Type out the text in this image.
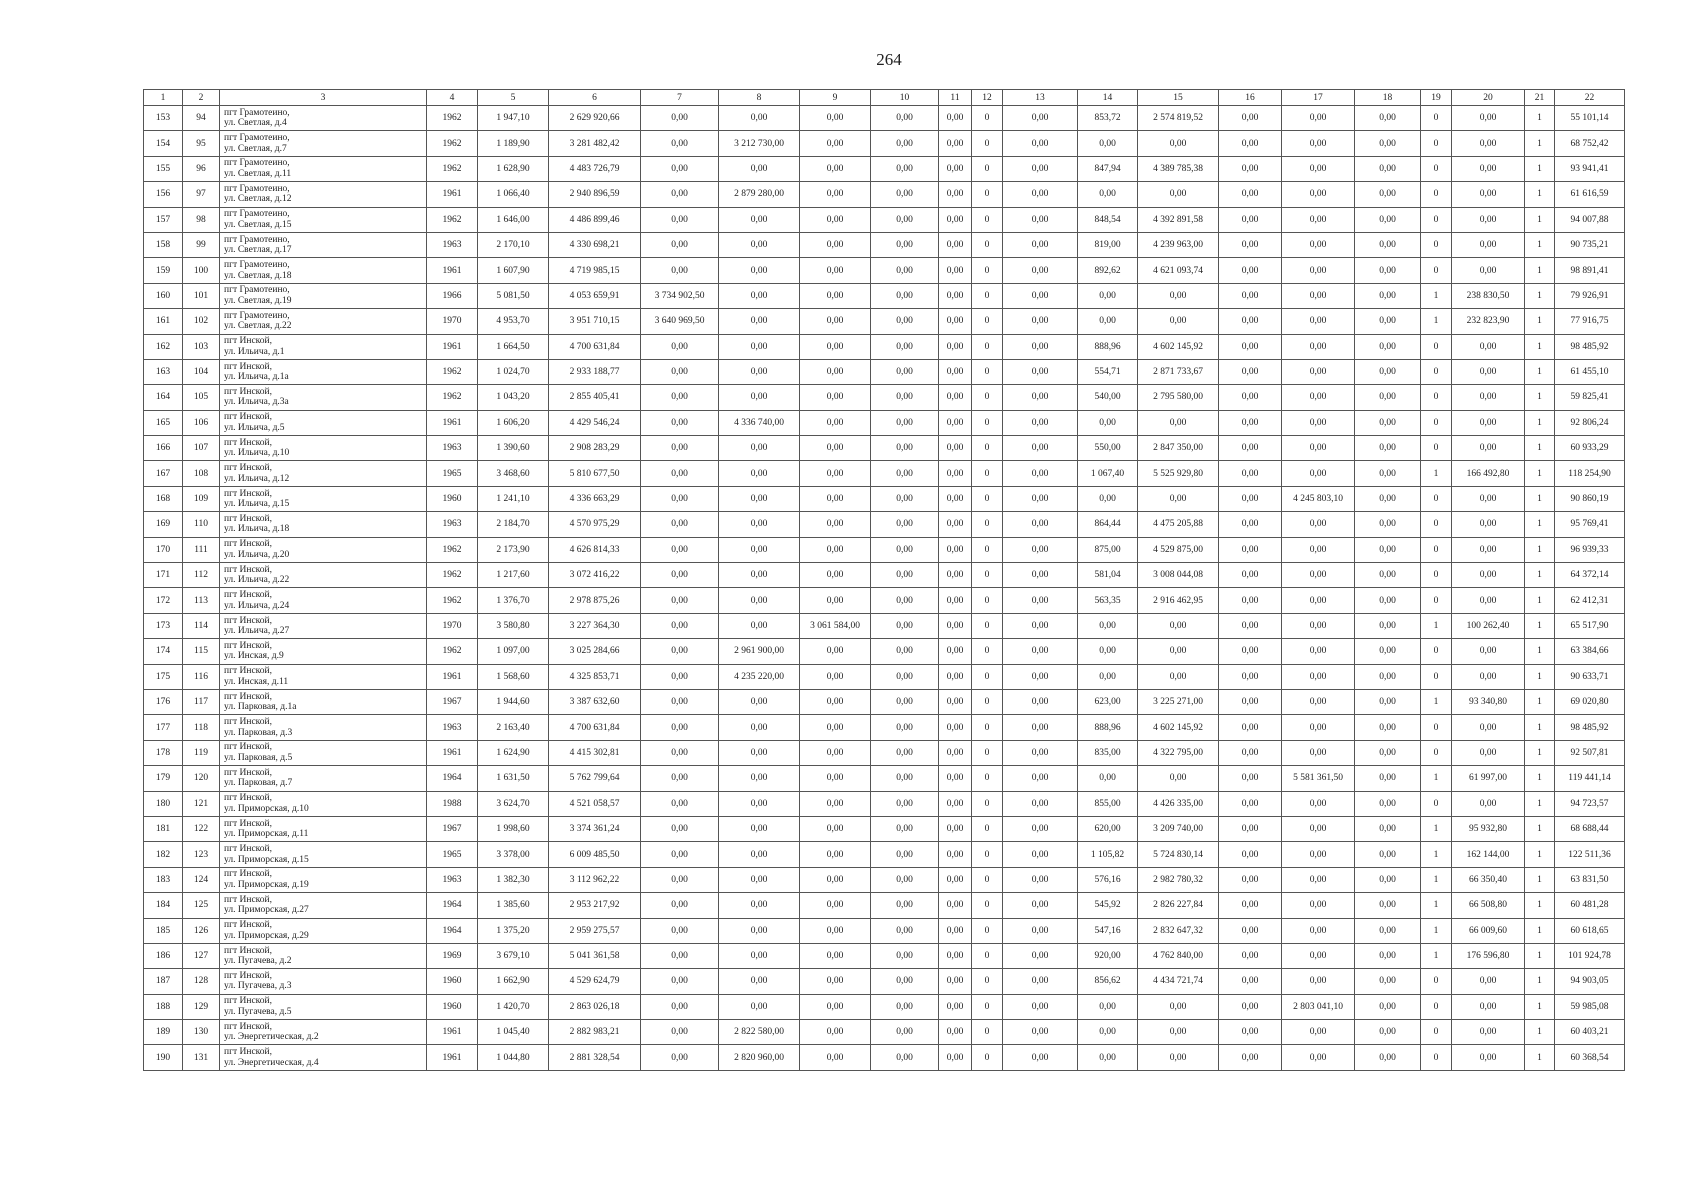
264
1	2	3	4	5	6	7	8	9	10	11	12	13	14	15	16	17	18	19	20	21	22
153	94	пгт Грамотеино,
ул. Светлая, д.4	1962	1 947,10	2 629 920,66	0,00	0,00	0,00	0,00	0,00	0	0,00	853,72	2 574 819,52	0,00	0,00	0,00	0	0,00	1	55 101,14
154	95	пгт Грамотеино,
ул. Светлая, д.7	1962	1 189,90	3 281 482,42	0,00	3 212 730,00	0,00	0,00	0,00	0	0,00	0,00	0,00	0,00	0,00	0,00	0	0,00	1	68 752,42
155	96	пгт Грамотеино,
ул. Светлая, д.11	1962	1 628,90	4 483 726,79	0,00	0,00	0,00	0,00	0,00	0	0,00	847,94	4 389 785,38	0,00	0,00	0,00	0	0,00	1	93 941,41
156	97	пгт Грамотеино,
ул. Светлая, д.12	1961	1 066,40	2 940 896,59	0,00	2 879 280,00	0,00	0,00	0,00	0	0,00	0,00	0,00	0,00	0,00	0,00	0	0,00	1	61 616,59
157	98	пгт Грамотеино,
ул. Светлая, д.15	1962	1 646,00	4 486 899,46	0,00	0,00	0,00	0,00	0,00	0	0,00	848,54	4 392 891,58	0,00	0,00	0,00	0	0,00	1	94 007,88
158	99	пгт Грамотеино,
ул. Светлая, д.17	1963	2 170,10	4 330 698,21	0,00	0,00	0,00	0,00	0,00	0	0,00	819,00	4 239 963,00	0,00	0,00	0,00	0	0,00	1	90 735,21
159	100	пгт Грамотеино,
ул. Светлая, д.18	1961	1 607,90	4 719 985,15	0,00	0,00	0,00	0,00	0,00	0	0,00	892,62	4 621 093,74	0,00	0,00	0,00	0	0,00	1	98 891,41
160	101	пгт Грамотеино,
ул. Светлая, д.19	1966	5 081,50	4 053 659,91	3 734 902,50	0,00	0,00	0,00	0,00	0	0,00	0,00	0,00	0,00	0,00	0,00	1	238 830,50	1	79 926,91
161	102	пгт Грамотеино,
ул. Светлая, д.22	1970	4 953,70	3 951 710,15	3 640 969,50	0,00	0,00	0,00	0,00	0	0,00	0,00	0,00	0,00	0,00	0,00	1	232 823,90	1	77 916,75
162	103	пгт Инской,
ул. Ильича, д.1	1961	1 664,50	4 700 631,84	0,00	0,00	0,00	0,00	0,00	0	0,00	888,96	4 602 145,92	0,00	0,00	0,00	0	0,00	1	98 485,92
163	104	пгт Инской,
ул. Ильича, д.1а	1962	1 024,70	2 933 188,77	0,00	0,00	0,00	0,00	0,00	0	0,00	554,71	2 871 733,67	0,00	0,00	0,00	0	0,00	1	61 455,10
164	105	пгт Инской,
ул. Ильича, д.3а	1962	1 043,20	2 855 405,41	0,00	0,00	0,00	0,00	0,00	0	0,00	540,00	2 795 580,00	0,00	0,00	0,00	0	0,00	1	59 825,41
165	106	пгт Инской,
ул. Ильича, д.5	1961	1 606,20	4 429 546,24	0,00	4 336 740,00	0,00	0,00	0,00	0	0,00	0,00	0,00	0,00	0,00	0,00	0	0,00	1	92 806,24
166	107	пгт Инской,
ул. Ильича, д.10	1963	1 390,60	2 908 283,29	0,00	0,00	0,00	0,00	0,00	0	0,00	550,00	2 847 350,00	0,00	0,00	0,00	0	0,00	1	60 933,29
167	108	пгт Инской,
ул. Ильича, д.12	1965	3 468,60	5 810 677,50	0,00	0,00	0,00	0,00	0,00	0	0,00	1 067,40	5 525 929,80	0,00	0,00	0,00	1	166 492,80	1	118 254,90
168	109	пгт Инской,
ул. Ильича, д.15	1960	1 241,10	4 336 663,29	0,00	0,00	0,00	0,00	0,00	0	0,00	0,00	0,00	0,00	4 245 803,10	0,00	0	0,00	1	90 860,19
169	110	пгт Инской,
ул. Ильича, д.18	1963	2 184,70	4 570 975,29	0,00	0,00	0,00	0,00	0,00	0	0,00	864,44	4 475 205,88	0,00	0,00	0,00	0	0,00	1	95 769,41
170	111	пгт Инской,
ул. Ильича, д.20	1962	2 173,90	4 626 814,33	0,00	0,00	0,00	0,00	0,00	0	0,00	875,00	4 529 875,00	0,00	0,00	0,00	0	0,00	1	96 939,33
171	112	пгт Инской,
ул. Ильича, д.22	1962	1 217,60	3 072 416,22	0,00	0,00	0,00	0,00	0,00	0	0,00	581,04	3 008 044,08	0,00	0,00	0,00	0	0,00	1	64 372,14
172	113	пгт Инской,
ул. Ильича, д.24	1962	1 376,70	2 978 875,26	0,00	0,00	0,00	0,00	0,00	0	0,00	563,35	2 916 462,95	0,00	0,00	0,00	0	0,00	1	62 412,31
173	114	пгт Инской,
ул. Ильича, д.27	1970	3 580,80	3 227 364,30	0,00	0,00	3 061 584,00	0,00	0,00	0	0,00	0,00	0,00	0,00	0,00	0,00	1	100 262,40	1	65 517,90
174	115	пгт Инской,
ул. Инская, д.9	1962	1 097,00	3 025 284,66	0,00	2 961 900,00	0,00	0,00	0,00	0	0,00	0,00	0,00	0,00	0,00	0,00	0	0,00	1	63 384,66
175	116	пгт Инской,
ул. Инская, д.11	1961	1 568,60	4 325 853,71	0,00	4 235 220,00	0,00	0,00	0,00	0	0,00	0,00	0,00	0,00	0,00	0,00	0	0,00	1	90 633,71
176	117	пгт Инской,
ул. Парковая, д.1а	1967	1 944,60	3 387 632,60	0,00	0,00	0,00	0,00	0,00	0	0,00	623,00	3 225 271,00	0,00	0,00	0,00	1	93 340,80	1	69 020,80
177	118	пгт Инской,
ул. Парковая, д.3	1963	2 163,40	4 700 631,84	0,00	0,00	0,00	0,00	0,00	0	0,00	888,96	4 602 145,92	0,00	0,00	0,00	0	0,00	1	98 485,92
178	119	пгт Инской,
ул. Парковая, д.5	1961	1 624,90	4 415 302,81	0,00	0,00	0,00	0,00	0,00	0	0,00	835,00	4 322 795,00	0,00	0,00	0,00	0	0,00	1	92 507,81
179	120	пгт Инской,
ул. Парковая, д.7	1964	1 631,50	5 762 799,64	0,00	0,00	0,00	0,00	0,00	0	0,00	0,00	0,00	0,00	5 581 361,50	0,00	1	61 997,00	1	119 441,14
180	121	пгт Инской,
ул. Приморская, д.10	1988	3 624,70	4 521 058,57	0,00	0,00	0,00	0,00	0,00	0	0,00	855,00	4 426 335,00	0,00	0,00	0,00	0	0,00	1	94 723,57
181	122	пгт Инской,
ул. Приморская, д.11	1967	1 998,60	3 374 361,24	0,00	0,00	0,00	0,00	0,00	0	0,00	620,00	3 209 740,00	0,00	0,00	0,00	1	95 932,80	1	68 688,44
182	123	пгт Инской,
ул. Приморская, д.15	1965	3 378,00	6 009 485,50	0,00	0,00	0,00	0,00	0,00	0	0,00	1 105,82	5 724 830,14	0,00	0,00	0,00	1	162 144,00	1	122 511,36
183	124	пгт Инской,
ул. Приморская, д.19	1963	1 382,30	3 112 962,22	0,00	0,00	0,00	0,00	0,00	0	0,00	576,16	2 982 780,32	0,00	0,00	0,00	1	66 350,40	1	63 831,50
184	125	пгт Инской,
ул. Приморская, д.27	1964	1 385,60	2 953 217,92	0,00	0,00	0,00	0,00	0,00	0	0,00	545,92	2 826 227,84	0,00	0,00	0,00	1	66 508,80	1	60 481,28
185	126	пгт Инской,
ул. Приморская, д.29	1964	1 375,20	2 959 275,57	0,00	0,00	0,00	0,00	0,00	0	0,00	547,16	2 832 647,32	0,00	0,00	0,00	1	66 009,60	1	60 618,65
186	127	пгт Инской,
ул. Пугачева, д.2	1969	3 679,10	5 041 361,58	0,00	0,00	0,00	0,00	0,00	0	0,00	920,00	4 762 840,00	0,00	0,00	0,00	1	176 596,80	1	101 924,78
187	128	пгт Инской,
ул. Пугачева, д.3	1960	1 662,90	4 529 624,79	0,00	0,00	0,00	0,00	0,00	0	0,00	856,62	4 434 721,74	0,00	0,00	0,00	0	0,00	1	94 903,05
188	129	пгт Инской,
ул. Пугачева, д.5	1960	1 420,70	2 863 026,18	0,00	0,00	0,00	0,00	0,00	0	0,00	0,00	0,00	0,00	2 803 041,10	0,00	0	0,00	1	59 985,08
189	130	пгт Инской,
ул. Энергетическая, д.2	1961	1 045,40	2 882 983,21	0,00	2 822 580,00	0,00	0,00	0,00	0	0,00	0,00	0,00	0,00	0,00	0,00	0	0,00	1	60 403,21
190	131	пгт Инской,
ул. Энергетическая, д.4	1961	1 044,80	2 881 328,54	0,00	2 820 960,00	0,00	0,00	0,00	0	0,00	0,00	0,00	0,00	0,00	0,00	0	0,00	1	60 368,54
